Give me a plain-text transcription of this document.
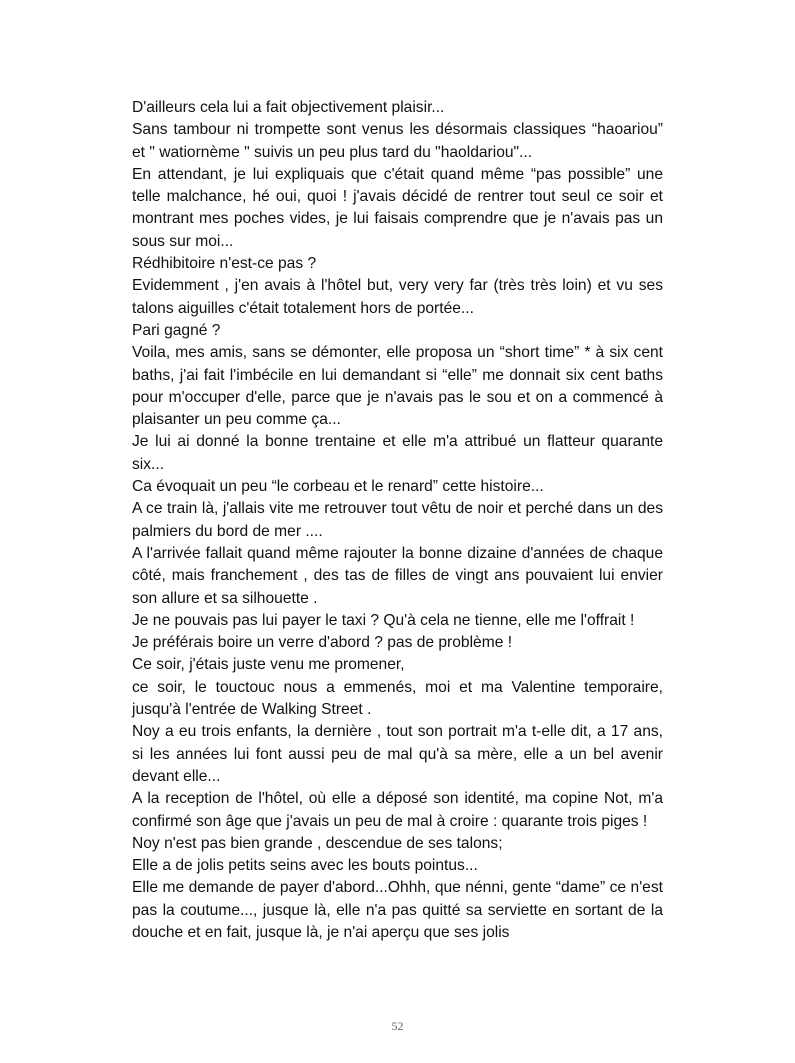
D'ailleurs cela lui a fait objectivement plaisir...

Sans tambour ni trompette sont venus les désormais classiques “haoariou” et " watiornème " suivis un peu plus tard du "haoldariou"...

En attendant, je lui expliquais que c'était quand même “pas possible” une telle malchance, hé oui, quoi ! j'avais décidé de rentrer tout seul ce soir et montrant mes poches vides, je lui faisais comprendre que je n'avais pas un sous sur moi...

Rédhibitoire n'est-ce pas ?

Evidemment , j'en avais à l'hôtel but, very very far (très très loin) et vu ses talons aiguilles c'était totalement hors de portée...

Pari gagné ?

Voila, mes amis, sans se démonter, elle proposa un “short time” * à six cent baths, j'ai fait l'imbécile en lui demandant si “elle” me donnait six cent baths pour m'occuper d'elle, parce que je n'avais pas le sou et on a commencé à plaisanter un peu comme ça...

Je lui ai donné la bonne trentaine et elle m'a attribué un flatteur quarante six...

Ca évoquait un peu “le corbeau et le renard” cette histoire...

A ce train là, j'allais vite me retrouver tout vêtu de noir et perché dans un des palmiers du bord de mer ....

A l'arrivée fallait quand même rajouter la bonne dizaine d'années de chaque côté, mais franchement , des tas de filles de vingt ans pouvaient lui envier son allure et sa silhouette .

Je ne pouvais pas lui payer le taxi ? Qu'à cela ne tienne, elle me l'offrait !

Je préférais boire un verre d'abord ? pas de problème !

Ce soir, j'étais juste venu me promener,

ce soir, le touctouc nous a emmenés, moi et ma Valentine temporaire, jusqu'à l'entrée de Walking Street .

Noy a eu trois enfants, la dernière , tout son portrait m'a t-elle dit, a 17 ans, si les années lui font aussi peu de mal qu'à sa mère, elle a un bel avenir devant elle...

A la reception de l'hôtel, où elle a déposé son identité, ma copine Not, m'a confirmé son âge que j'avais un peu de mal à croire : quarante trois piges !

Noy n'est pas bien grande , descendue de ses talons;

Elle a de jolis petits seins avec les bouts pointus...

Elle me demande de payer d'abord...Ohhh, que nénni, gente “dame” ce n'est pas la coutume..., jusque là, elle n'a pas quitté sa serviette en sortant de la douche et en fait, jusque là, je n'ai aperçu que ses jolis

52
